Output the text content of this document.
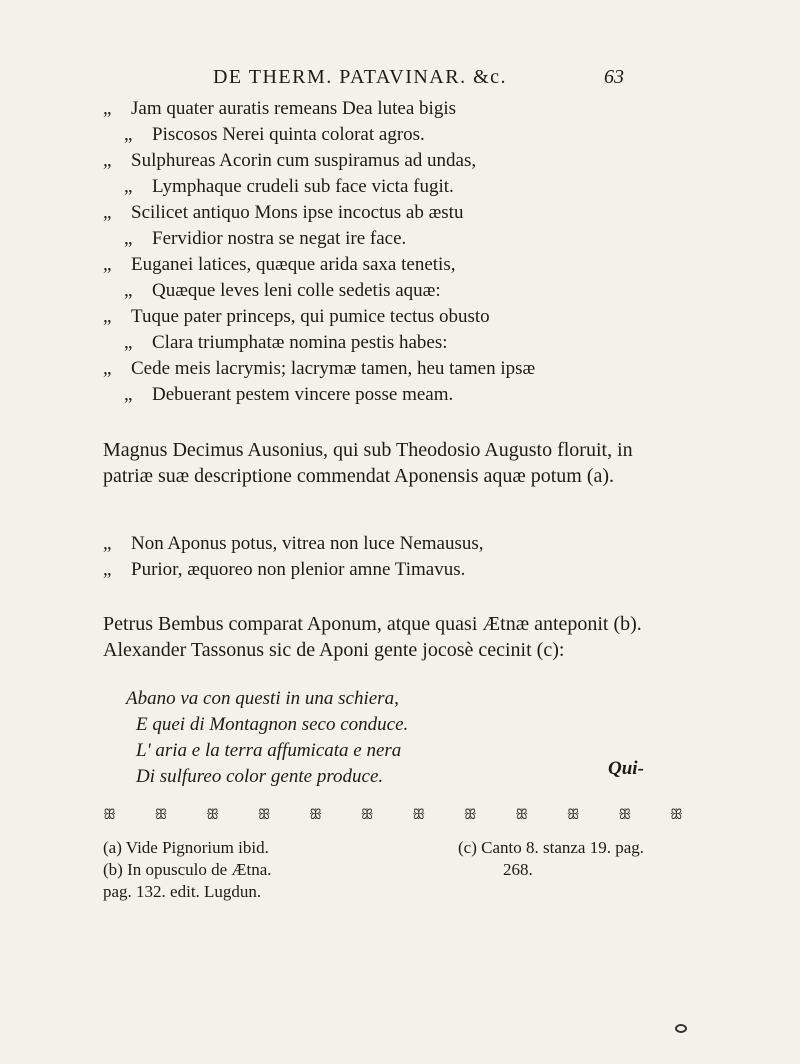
DE THERM. PATAVINAR. &c.	63
„ Jam quater auratis remeans Dea lutea bigis
„ Piscosos Nerei quinta colorat agros.
„ Sulphureas Acorin cum suspiramus ad undas,
„ Lymphaque crudeli sub face victa fugit.
„ Scilicet antiquo Mons ipse incoctus ab æstu
„ Fervidior nostra se negat ire face.
„ Euganei latices, quæque arida saxa tenetis,
„ Quæque leves leni colle sedetis aquæ:
„ Tuque pater princeps, qui pumice tectus obusto
„ Clara triumphatæ nomina pestis habes:
„ Cede meis lacrymis; lacrymæ tamen, heu tamen ipsæ
„ Debuerant pestem vincere posse meam.

Magnus Decimus Ausonius, qui sub Theodosio Augusto floruit, in patriæ suæ descriptione commendat Aponensis aquæ potum (a).

„ Non Aponus potus, vitrea non luce Nemausus,
„ Purior, æquoreo non plenior amne Timavus.

Petrus Bembus comparat Aponum, atque quasi Ætnæ anteponit (b). Alexander Tassonus sic de Aponi gente jocosè cecinit (c):

Abano va con questi in una schiera,
E quei di Montagnon seco conduce.
L' aria e la terra affumicata e nera
Di sulfureo color gente produce.	Qui-
ꕥ	ꕥ	ꕥ	ꕥ	ꕥ	ꕥ	ꕥ	ꕥ	ꕥ	ꕥ	ꕥ	ꕥ
(a) Vide Pignorium ibid.
(b) In opusculo de Ætna.
pag. 132. edit. Lugdun.
(c) Canto 8. stanza 19. pag.
268.
